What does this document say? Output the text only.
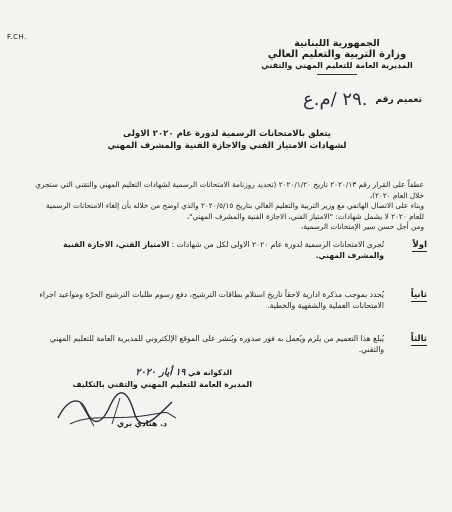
F.CH.
الجمهورية اللبنانية
وزارة التربية والتعليم العالي
المديرية العامة للتعليم المهني والتقني
تعميم رقم
٢٩ /م.ع.
يتعلق بالامتحانات الرسمية لدورة عام ٢٠٢٠ الاولى
لشهادات الامتياز الفني والاجازة الفنية والمشرف المهني

عطفاً على القرار رقم ٢٠٢٠/١٣ تاريخ ٢٠٢٠/١/٢٠ (تحديد روزنامة الامتحانات الرسمية لشهادات التعليم المهني والتقني التي ستجري خلال العام ٢٠٢٠)،

وبناء على الاتصال الهاتفي مع وزير التربية والتعليم العالي بتاريخ ٢٠٢٠/٥/١٥ والذي اوضح من خلاله بأن إلغاء الامتحانات الرسمية للعام ٢٠٢٠ لا يشمل شهادات: "الامتياز الفني، الاجازة الفنية والمشرف المهني"،

ومن أجل حسن سير الإمتحانات الرسمية،

اولاً
تُجرى الامتحانات الرسمية لدورة عام ٢٠٢٠ الاولى لكل من شهادات : الامتياز الفني، الاجازة الفنية والمشرف المهني.
ثانياً
يُحدد بموجب مذكرة ادارية لاحقاً تاريخ استلام بطاقات الترشيح، دفع رسوم طلبات الترشيح الحرّة ومواعيد اجراء الامتحانات العملية والشفهية والخطية.
ثالثاً
يُبلغ هذا التعميم من يلزم ويُعمل به فور صدوره ويُنشر على الموقع الإلكتروني للمديرية العامة للتعليم المهني والتقني.
الدكوانه في ١٩ أيار ٢٠٢٠
المديرة العامة للتعليم المهني والتقني بالتكليف
د. هنادي بري
